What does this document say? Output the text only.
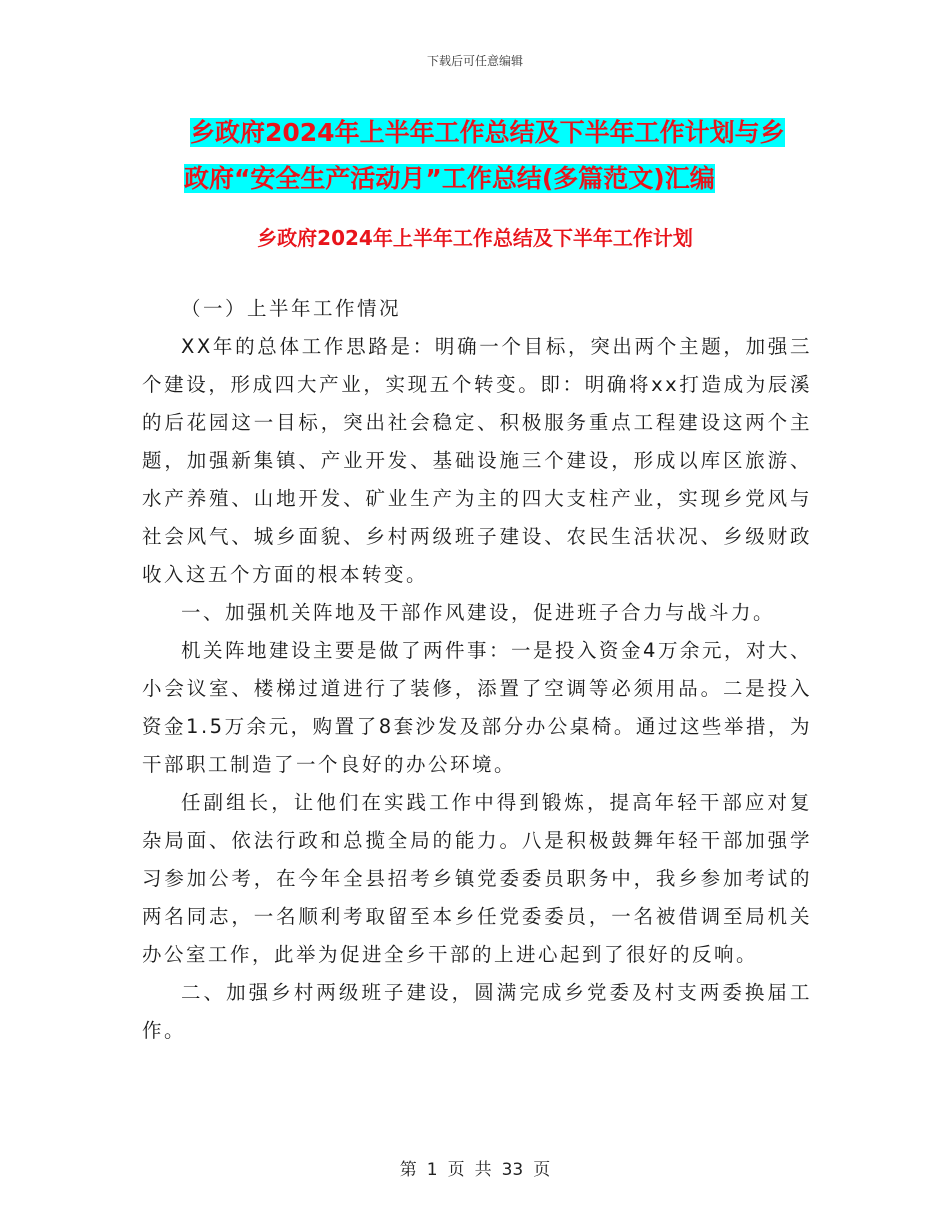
下载后可任意编辑
乡政府2024年上半年工作总结及下半年工作计划与乡
政府“安全生产活动月”工作总结(多篇范文)汇编
乡政府2024年上半年工作总结及下半年工作计划

（一）上半年工作情况

XX年的总体工作思路是：明确一个目标，突出两个主题，加强三个建设，形成四大产业，实现五个转变。即：明确将xx打造成为辰溪的后花园这一目标，突出社会稳定、积极服务重点工程建设这两个主题，加强新集镇、产业开发、基础设施三个建设，形成以库区旅游、水产养殖、山地开发、矿业生产为主的四大支柱产业，实现乡党风与社会风气、城乡面貌、乡村两级班子建设、农民生活状况、乡级财政收入这五个方面的根本转变。

一、加强机关阵地及干部作风建设，促进班子合力与战斗力。

机关阵地建设主要是做了两件事：一是投入资金4万余元，对大、小会议室、楼梯过道进行了装修，添置了空调等必须用品。二是投入资金1.5万余元，购置了8套沙发及部分办公桌椅。通过这些举措，为干部职工制造了一个良好的办公环境。

任副组长，让他们在实践工作中得到锻炼，提高年轻干部应对复杂局面、依法行政和总揽全局的能力。八是积极鼓舞年轻干部加强学习参加公考，在今年全县招考乡镇党委委员职务中，我乡参加考试的两名同志，一名顺利考取留至本乡任党委委员，一名被借调至局机关办公室工作，此举为促进全乡干部的上进心起到了很好的反响。

二、加强乡村两级班子建设，圆满完成乡党委及村支两委换届工作。

第 1 页 共 33 页
